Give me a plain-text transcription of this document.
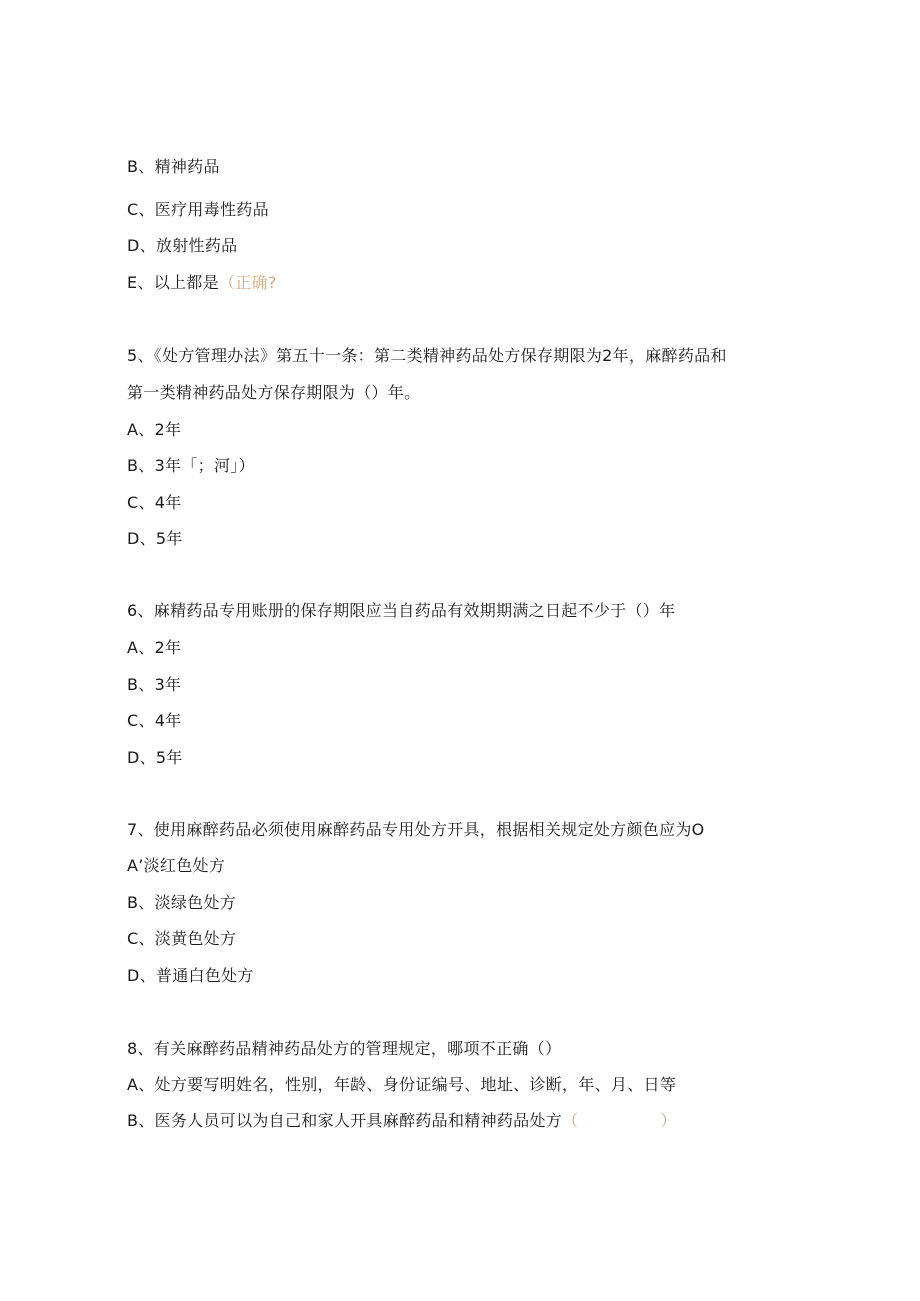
B、精神药品
C、医疗用毒性药品
D、放射性药品
E、以上都是（正确?
5、《处方管理办法》第五十一条：第二类精神药品处方保存期限为2年，麻醉药品和
第一类精神药品处方保存期限为（）年。
A、2年
B、3年「；河」）
C、4年
D、5年
6、麻精药品专用账册的保存期限应当自药品有效期期满之日起不少于（）年
A、2年
B、3年
C、4年
D、5年
7、使用麻醉药品必须使用麻醉药品专用处方开具，根据相关规定处方颜色应为O
A’淡红色处方
B、淡绿色处方
C、淡黄色处方
D、普通白色处方
8、有关麻醉药品精神药品处方的管理规定，哪项不正确（）
A、处方要写明姓名，性别，年龄、身份证编号、地址、诊断，年、月、日等
B、医务人员可以为自己和家人开具麻醉药品和精神药品处方（	）
